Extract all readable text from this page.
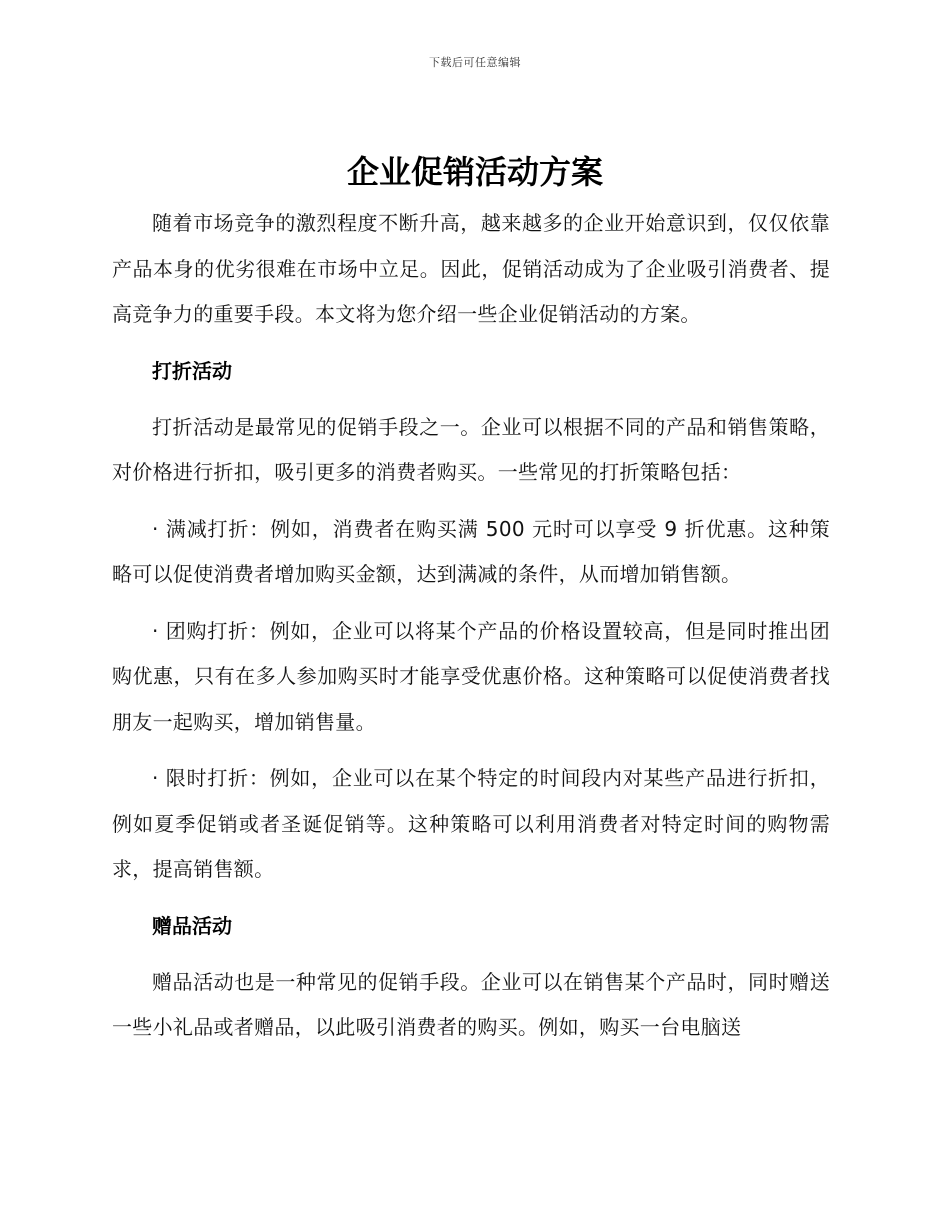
下载后可任意编辑
企业促销活动方案

随着市场竞争的激烈程度不断升高，越来越多的企业开始意识到，仅仅依靠产品本身的优劣很难在市场中立足。因此，促销活动成为了企业吸引消费者、提高竞争力的重要手段。本文将为您介绍一些企业促销活动的方案。

打折活动

打折活动是最常见的促销手段之一。企业可以根据不同的产品和销售策略，对价格进行折扣，吸引更多的消费者购买。一些常见的打折策略包括：

· 满减打折：例如，消费者在购买满 500 元时可以享受 9 折优惠。这种策略可以促使消费者增加购买金额，达到满减的条件，从而增加销售额。

· 团购打折：例如，企业可以将某个产品的价格设置较高，但是同时推出团购优惠，只有在多人参加购买时才能享受优惠价格。这种策略可以促使消费者找朋友一起购买，增加销售量。

· 限时打折：例如，企业可以在某个特定的时间段内对某些产品进行折扣，例如夏季促销或者圣诞促销等。这种策略可以利用消费者对特定时间的购物需求，提高销售额。

赠品活动

赠品活动也是一种常见的促销手段。企业可以在销售某个产品时，同时赠送一些小礼品或者赠品，以此吸引消费者的购买。例如，购买一台电脑送
